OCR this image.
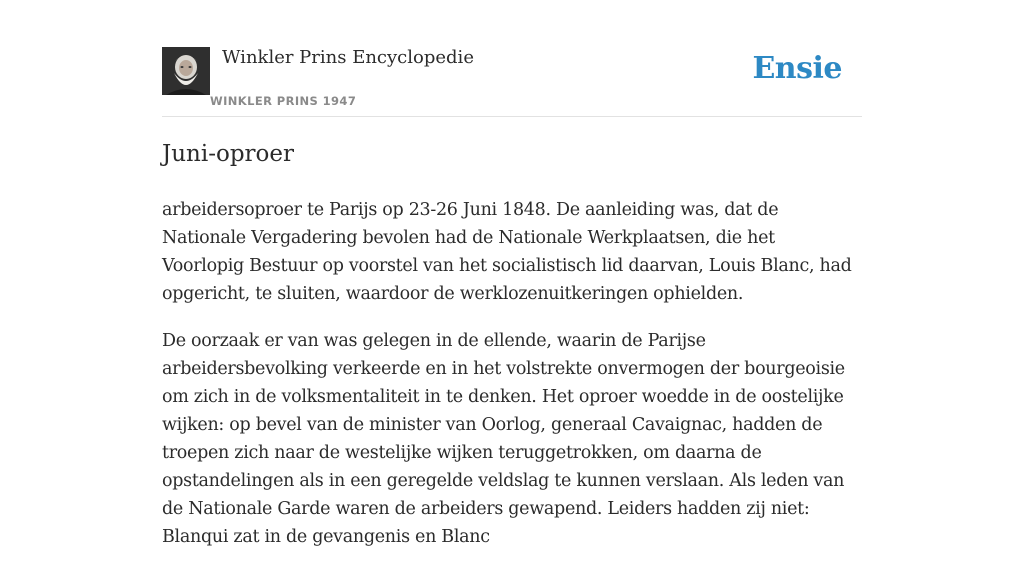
Winkler Prins Encyclopedie
WINKLER PRINS 1947
Ensie
Juni-oproer

arbeidersoproer te Parijs op 23-26 Juni 1848. De aanleiding was, dat de Nationale Vergadering bevolen had de Nationale Werkplaatsen, die het Voorlopig Bestuur op voorstel van het socialistisch lid daarvan, Louis Blanc, had opgericht, te sluiten, waardoor de werklozenuitkeringen ophielden.

De oorzaak er van was gelegen in de ellende, waarin de Parijse arbeidersbevolking verkeerde en in het volstrekte onvermogen der bourgeoisie om zich in de volksmentaliteit in te denken. Het oproer woedde in de oostelijke wijken: op bevel van de minister van Oorlog, generaal Cavaignac, hadden de troepen zich naar de westelijke wijken teruggetrokken, om daarna de opstandelingen als in een geregelde veldslag te kunnen verslaan. Als leden van de Nationale Garde waren de arbeiders gewapend. Leiders hadden zij niet: Blanqui zat in de gevangenis en Blanc
